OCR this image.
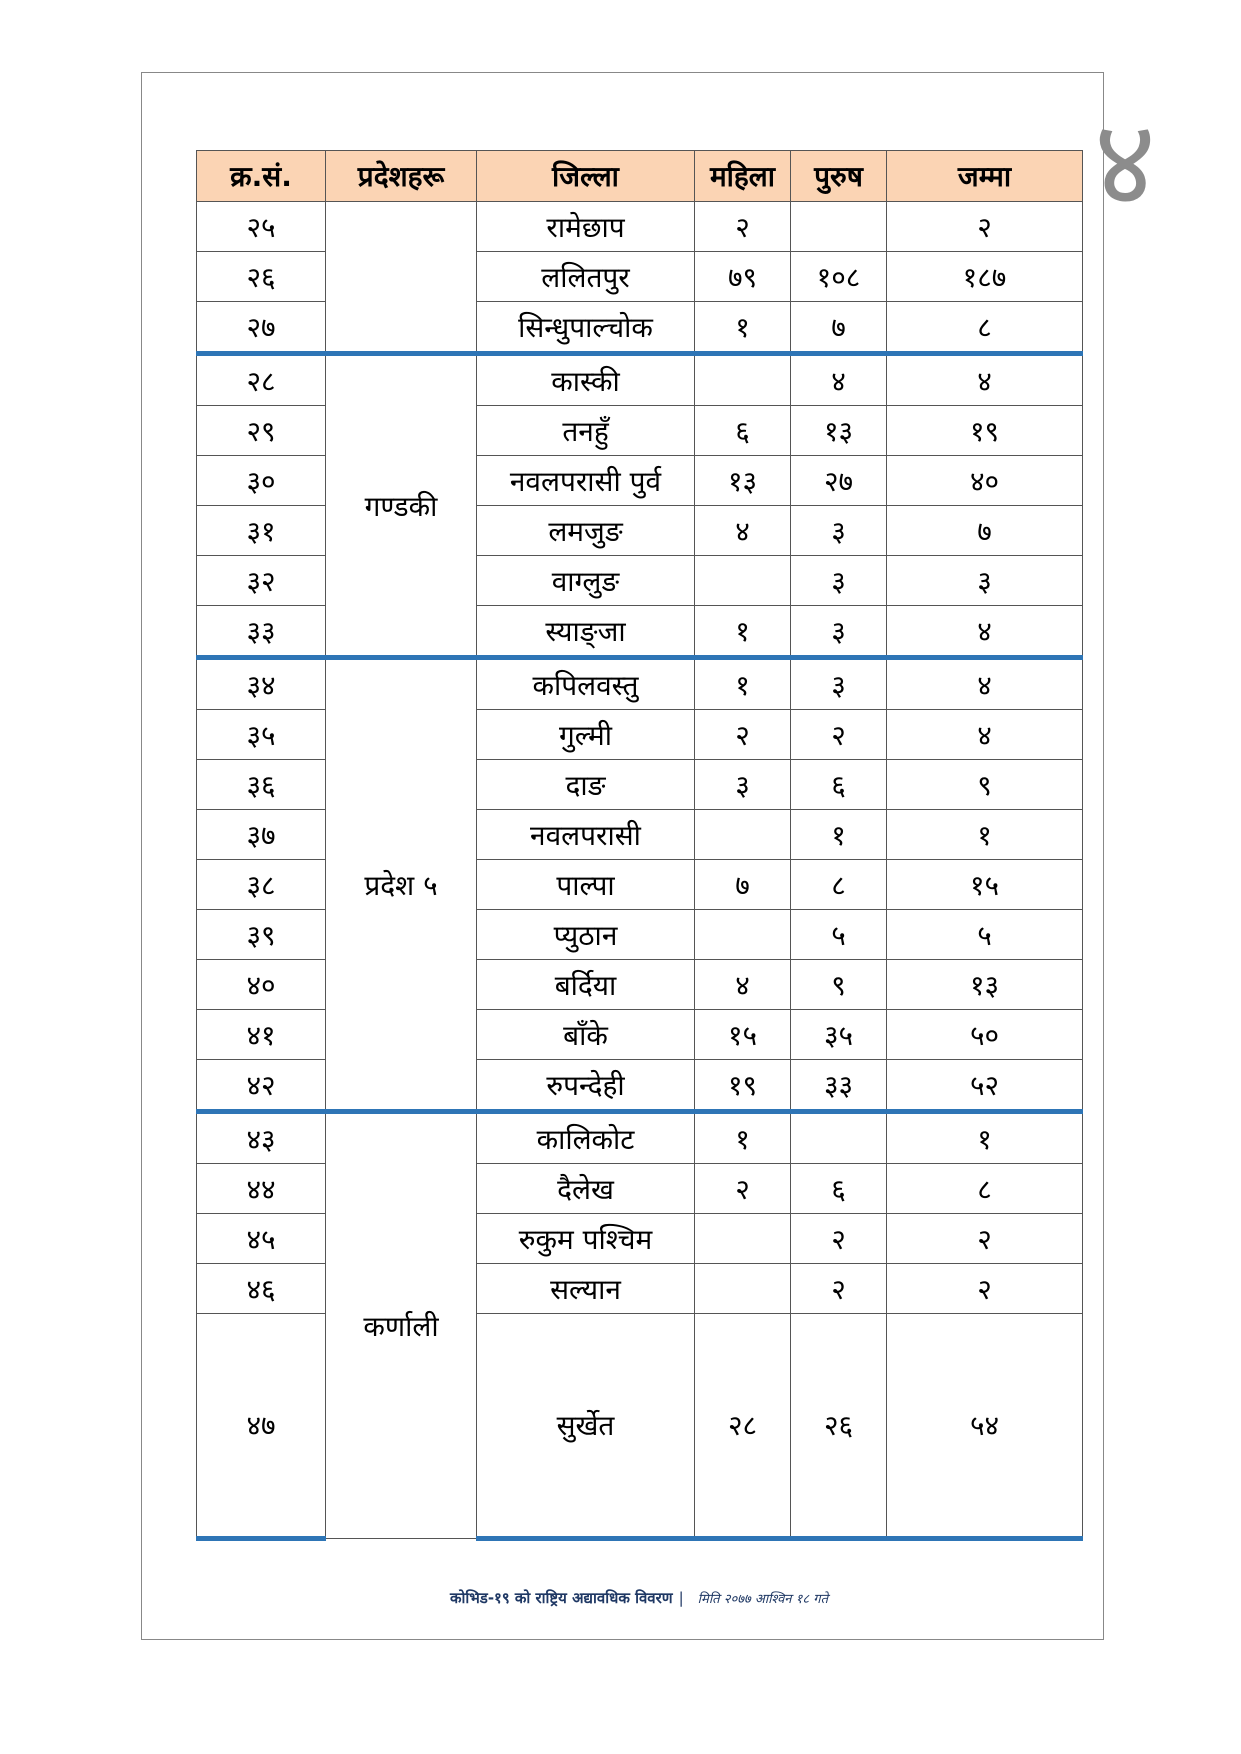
४
क्र.सं.	प्रदेशहरू	जिल्ला	महिला	पुरुष	जम्मा
२५		रामेछाप	२		२
२६		ललितपुर	७९	१०८	१८७
२७		सिन्धुपाल्चोक	१	७	८
२८	गण्डकी	कास्की		४	४
२९		तनहुँ	६	१३	१९
३०		नवलपरासी पुर्व	१३	२७	४०
३१		लमजुङ	४	३	७
३२		वाग्लुङ		३	३
३३		स्याङ्जा	१	३	४
३४	प्रदेश ५	कपिलवस्तु	१	३	४
३५		गुल्मी	२	२	४
३६		दाङ	३	६	९
३७		नवलपरासी		१	१
३८		पाल्पा	७	८	१५
३९		प्युठान		५	५
४०		बर्दिया	४	९	१३
४१		बाँके	१५	३५	५०
४२		रुपन्देही	१९	३३	५२
४३	कर्णाली	कालिकोट	१		१
४४		दैलेख	२	६	८
४५		रुकुम पश्चिम		२	२
४६		सल्यान		२	२
४७		सुर्खेत	२८	२६	५४
कोभिड-१९ को राष्ट्रिय अद्यावधिक विवरण | मिति २०७७ आश्विन १८ गते
